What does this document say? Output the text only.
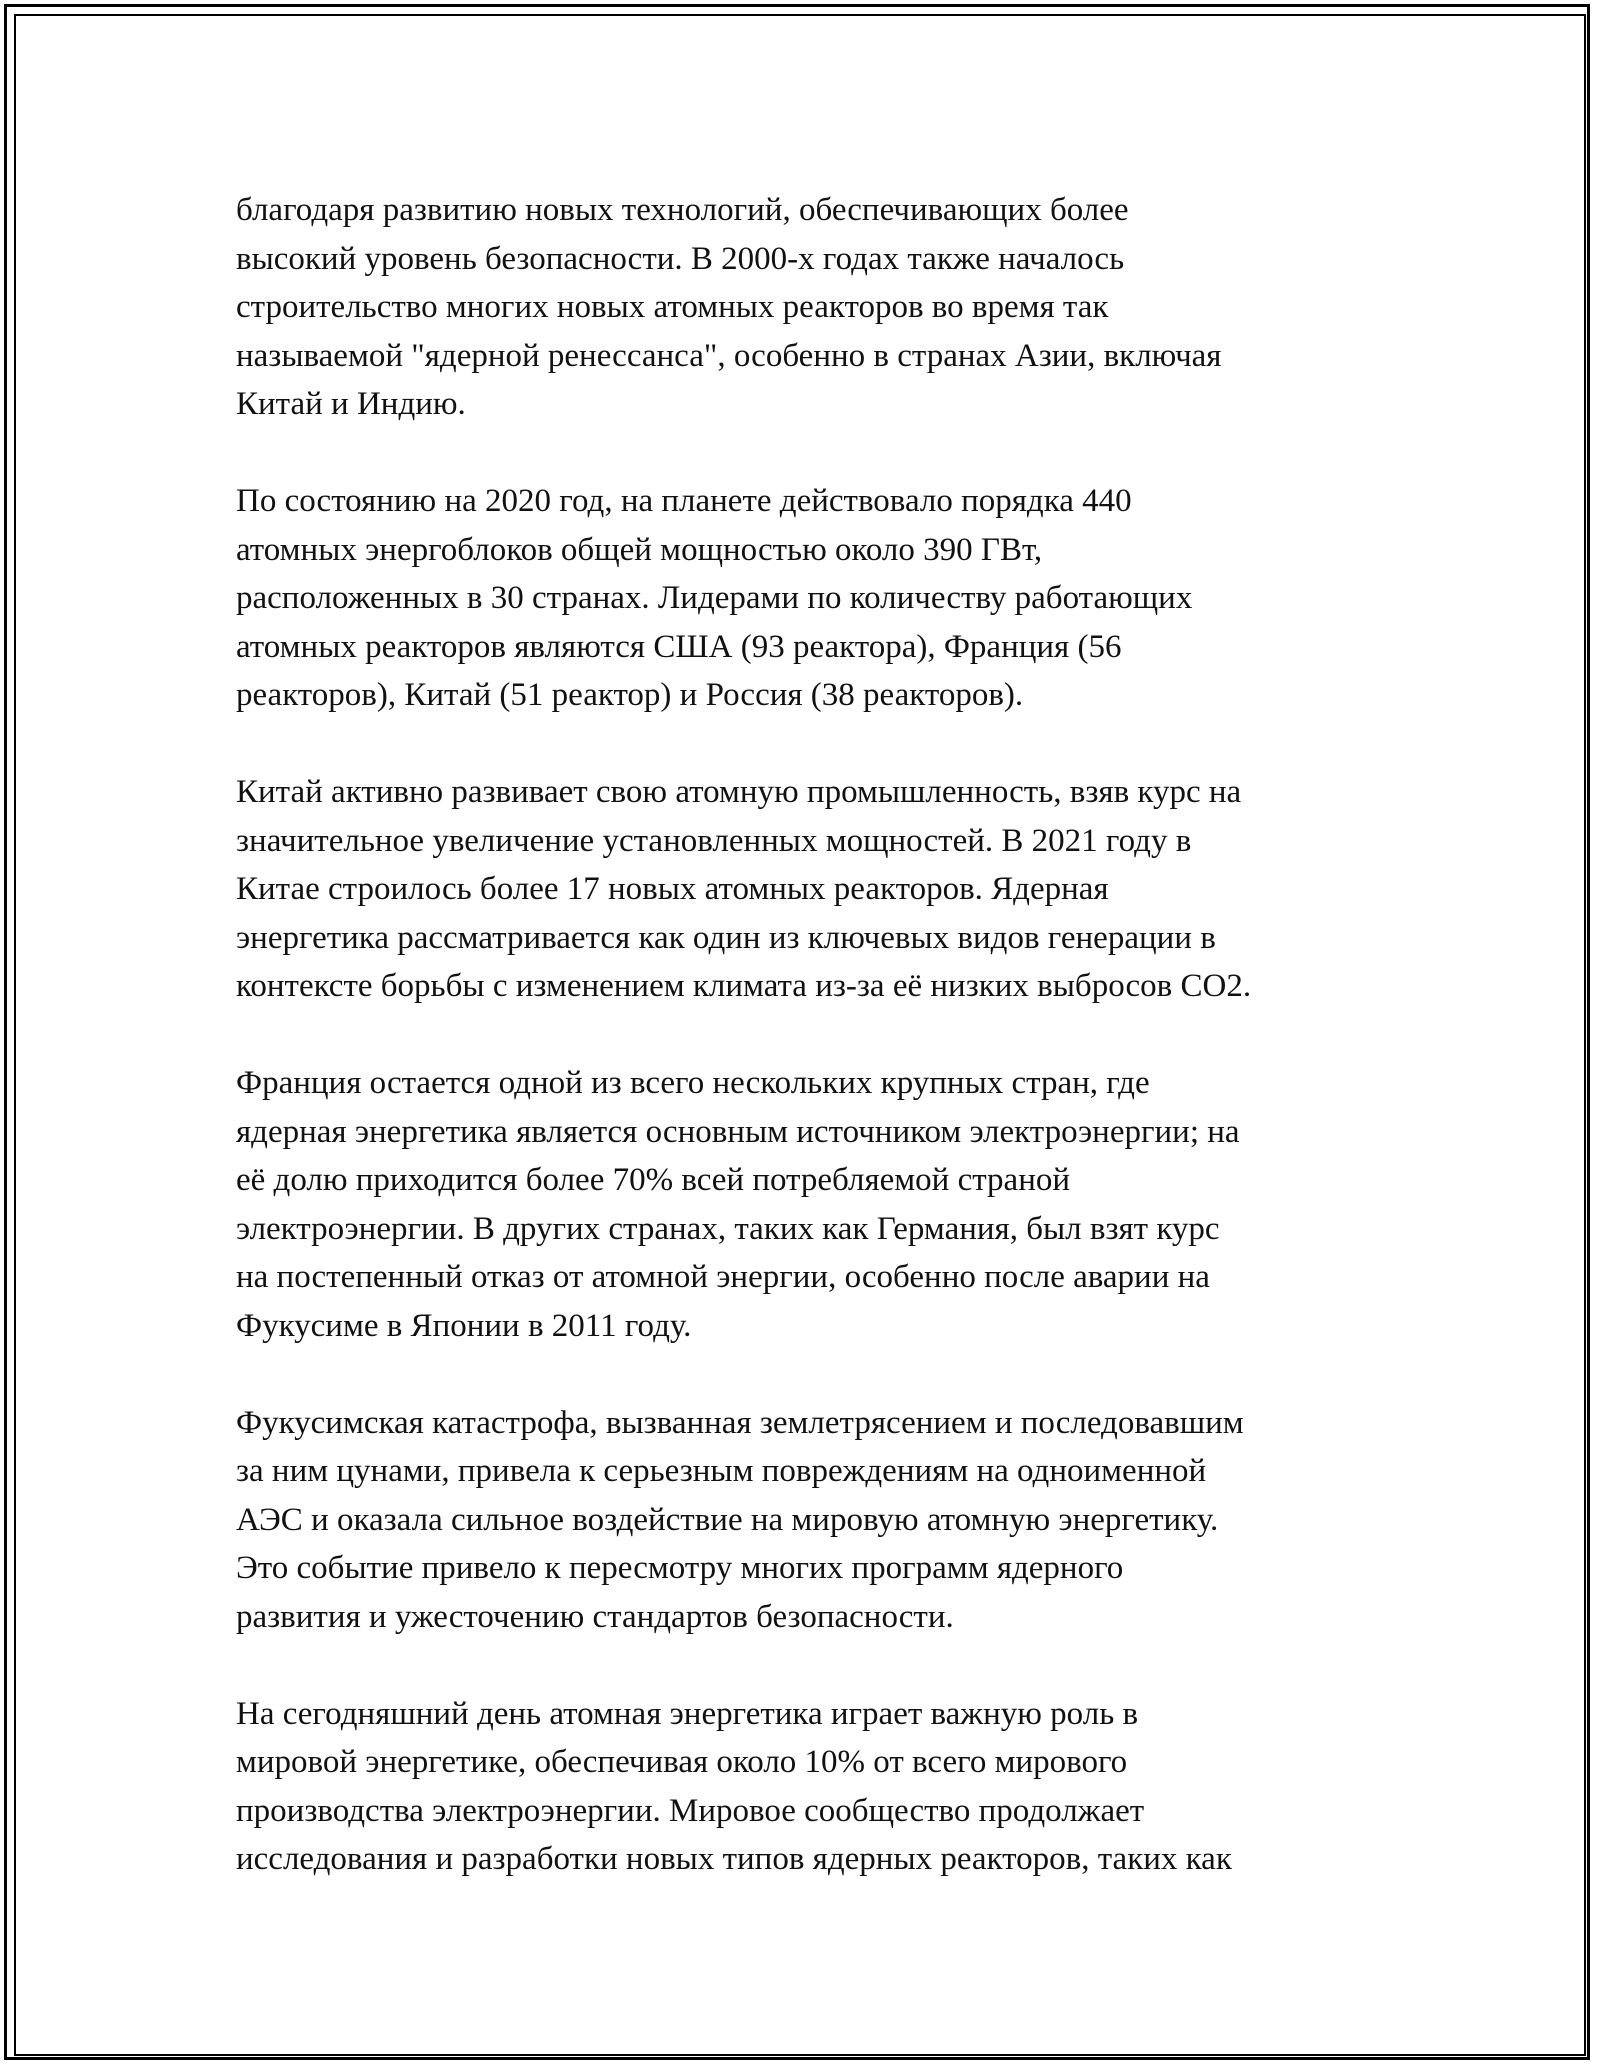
благодаря развитию новых технологий, обеспечивающих более
высокий уровень безопасности. В 2000-х годах также началось
строительство многих новых атомных реакторов во время так
называемой "ядерной ренессанса", особенно в странах Азии, включая
Китай и Индию.

По состоянию на 2020 год, на планете действовало порядка 440
атомных энергоблоков общей мощностью около 390 ГВт,
расположенных в 30 странах. Лидерами по количеству работающих
атомных реакторов являются США (93 реактора), Франция (56
реакторов), Китай (51 реактор) и Россия (38 реакторов).

Китай активно развивает свою атомную промышленность, взяв курс на
значительное увеличение установленных мощностей. В 2021 году в
Китае строилось более 17 новых атомных реакторов. Ядерная
энергетика рассматривается как один из ключевых видов генерации в
контексте борьбы с изменением климата из-за её низких выбросов CO2.

Франция остается одной из всего нескольких крупных стран, где
ядерная энергетика является основным источником электроэнергии; на
её долю приходится более 70% всей потребляемой страной
электроэнергии. В других странах, таких как Германия, был взят курс
на постепенный отказ от атомной энергии, особенно после аварии на
Фукусиме в Японии в 2011 году.

Фукусимская катастрофа, вызванная землетрясением и последовавшим
за ним цунами, привела к серьезным повреждениям на одноименной
АЭС и оказала сильное воздействие на мировую атомную энергетику.
Это событие привело к пересмотру многих программ ядерного
развития и ужесточению стандартов безопасности.

На сегодняшний день атомная энергетика играет важную роль в
мировой энергетике, обеспечивая около 10% от всего мирового
производства электроэнергии. Мировое сообщество продолжает
исследования и разработки новых типов ядерных реакторов, таких как
